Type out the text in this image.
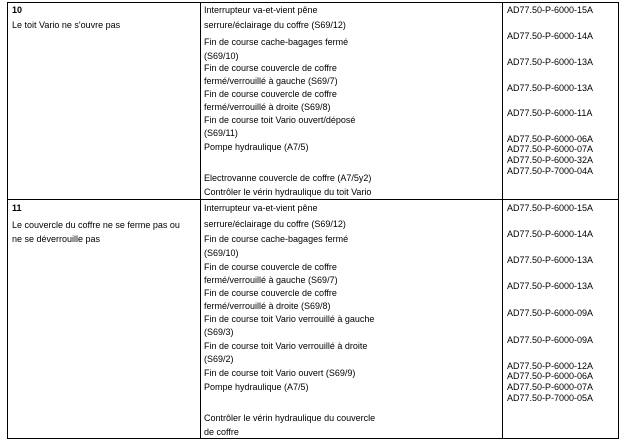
10
Le toit Vario ne s'ouvre pas
Interrupteur va-et-vient pêne
serrure/éclairage du coffre (S69/12)
Fin de course cache-bagages fermé
(S69/10)
Fin de course couvercle de coffre
fermé/verrouillé à gauche (S69/7)
Fin de course couvercle de coffre
fermé/verrouillé à droite (S69/8)
Fin de course toit Vario ouvert/déposé
(S69/11)
Pompe hydraulique (A7/5)
Electrovanne couvercle de coffre (A7/5y2)
Contrôler le vérin hydraulique du toit Vario
AD77.50-P-6000-15A
AD77.50-P-6000-14A
AD77.50-P-6000-13A
AD77.50-P-6000-13A
AD77.50-P-6000-11A
AD77.50-P-6000-06A
AD77.50-P-6000-07A
AD77.50-P-6000-32A
AD77.50-P-7000-04A
11
Le couvercle du coffre ne se ferme pas ou
ne se déverrouille pas
Interrupteur va-et-vient pêne
serrure/éclairage du coffre (S69/12)
Fin de course cache-bagages fermé
(S69/10)
Fin de course couvercle de coffre
fermé/verrouillé à gauche (S69/7)
Fin de course couvercle de coffre
fermé/verrouillé à droite (S69/8)
Fin de course toit Vario verrouillé à gauche
(S69/3)
Fin de course toit Vario verrouillé à droite
(S69/2)
Fin de course toit Vario ouvert (S69/9)
Pompe hydraulique (A7/5)
Contrôler le vérin hydraulique du couvercle
de coffre
AD77.50-P-6000-15A
AD77.50-P-6000-14A
AD77.50-P-6000-13A
AD77.50-P-6000-13A
AD77.50-P-6000-09A
AD77.50-P-6000-09A
AD77.50-P-6000-12A
AD77.50-P-6000-06A
AD77.50-P-6000-07A
AD77.50-P-7000-05A
